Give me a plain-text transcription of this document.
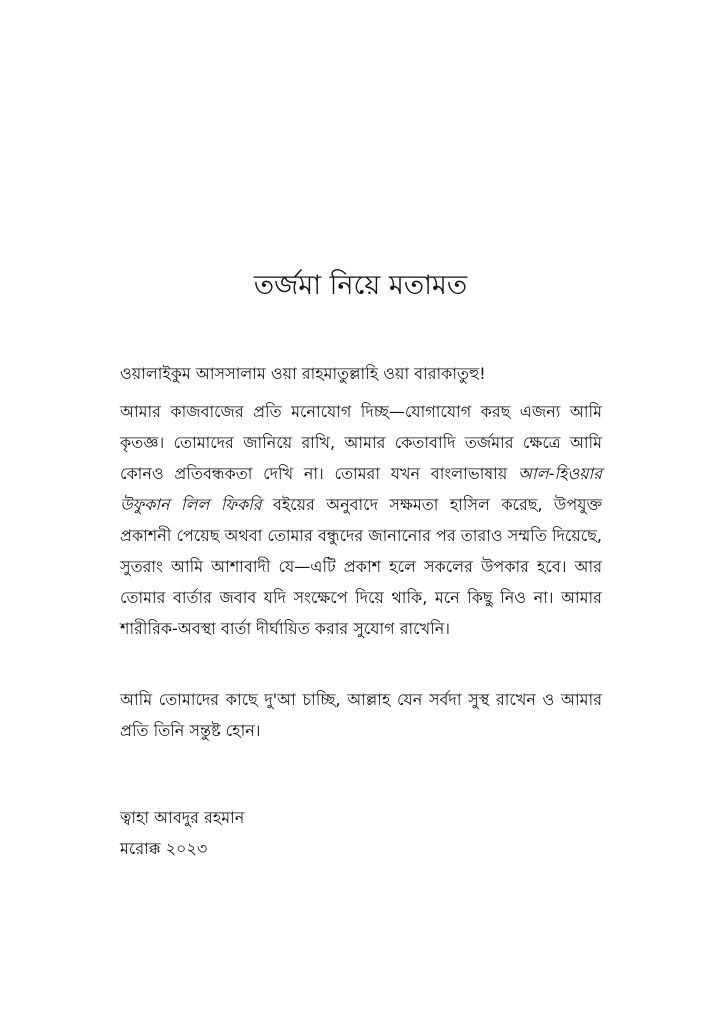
তর্জমা নিয়ে মতামত

ওয়ালাইকুম আসসালাম ওয়া রাহমাতুল্লাহি ওয়া বারাকাতুহু!

আমার কাজবাজের প্রতি মনোযোগ দিচ্ছ—যোগাযোগ করছ এজন্য আমি কৃতজ্ঞ। তোমাদের জানিয়ে রাখি, আমার কেতাবাদি তর্জমার ক্ষেত্রে আমি কোনও প্রতিবন্ধকতা দেখি না। তোমরা যখন বাংলাভাষায় আল-হিওয়ার উফুকান লিল ফিকরি বইয়ের অনুবাদে সক্ষমতা হাসিল করেছ, উপযুক্ত প্রকাশনী পেয়েছ অথবা তোমার বন্ধুদের জানানোর পর তারাও সম্মতি দিয়েছে, সুতরাং আমি আশাবাদী যে—এটি প্রকাশ হলে সকলের উপকার হবে। আর তোমার বার্তার জবাব যদি সংক্ষেপে দিয়ে থাকি, মনে কিছু নিও না। আমার শারীরিক-অবস্থা বার্তা দীর্ঘায়িত করার সুযোগ রাখেনি।

আমি তোমাদের কাছে দু'আ চাচ্ছি, আল্লাহ যেন সর্বদা সুস্থ রাখেন ও আমার প্রতি তিনি সন্তুষ্ট হোন।

ত্বাহা আবদুর রহমান

মরোক্ক ২০২৩
